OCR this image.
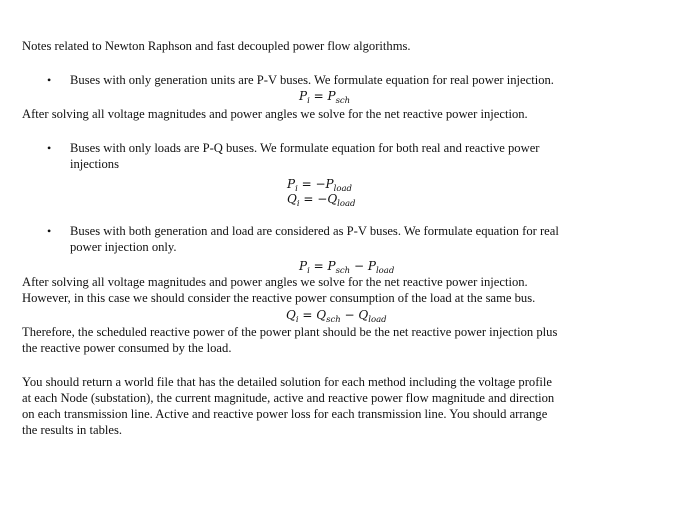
Notes related to Newton Raphson and fast decoupled power flow algorithms.
• Buses with only generation units are P-V buses. We formulate equation for real power injection.
$P_i = P_{sch}$
After solving all voltage magnitudes and power angles we solve for the net reactive power injection.
• Buses with only loads are P-Q buses. We formulate equation for both real and reactive power
injections
$P_i = -P_{load}$
$Q_i = -Q_{load}$
• Buses with both generation and load are considered as P-V buses. We formulate equation for real
power injection only.
$P_i = P_{sch} - P_{load}$
After solving all voltage magnitudes and power angles we solve for the net reactive power injection.
However, in this case we should consider the reactive power consumption of the load at the same bus.
$Q_i = Q_{sch} - Q_{load}$
Therefore, the scheduled reactive power of the power plant should be the net reactive power injection plus
the reactive power consumed by the load.
You should return a world file that has the detailed solution for each method including the voltage profile
at each Node (substation), the current magnitude, active and reactive power flow magnitude and direction
on each transmission line. Active and reactive power loss for each transmission line. You should arrange
the results in tables.
